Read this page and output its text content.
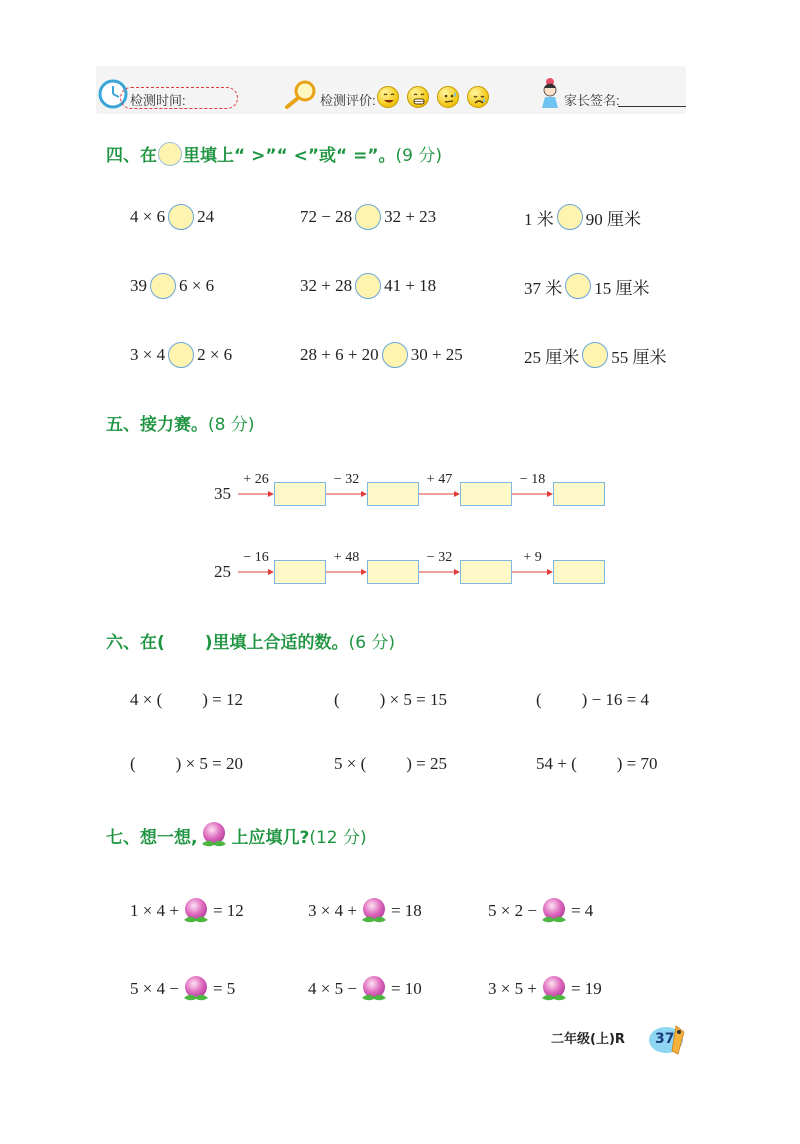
检测时间:	检测评价:	家长签名:
四、在 里填上“ >”“ <”或“ =”。 (9 分)
4 × 6 24	72 − 28 32 + 23	1 米 90 厘米
39 6 × 6	32 + 28 41 + 18	37 米 15 厘米
3 × 4 2 × 6	28 + 6 + 20 30 + 25	25 厘米 55 厘米
五、接力赛。 (8 分)
六、在( )里填上合适的数。 (6 分)
4 × ( ) = 12	( ) × 5 = 15	( ) − 16 = 4
( ) × 5 = 20	5 × ( ) = 25	54 + ( ) = 70
七、想一想, 上应填几? (12 分)
1 × 4 + = 12	3 × 4 + = 18	5 × 2 − = 4
5 × 4 − = 5	4 × 5 − = 10	3 × 5 + = 19
二年级(上)R 37
35
+ 26	− 32	+ 47	− 18
25
− 16	+ 48	− 32	+ 9
